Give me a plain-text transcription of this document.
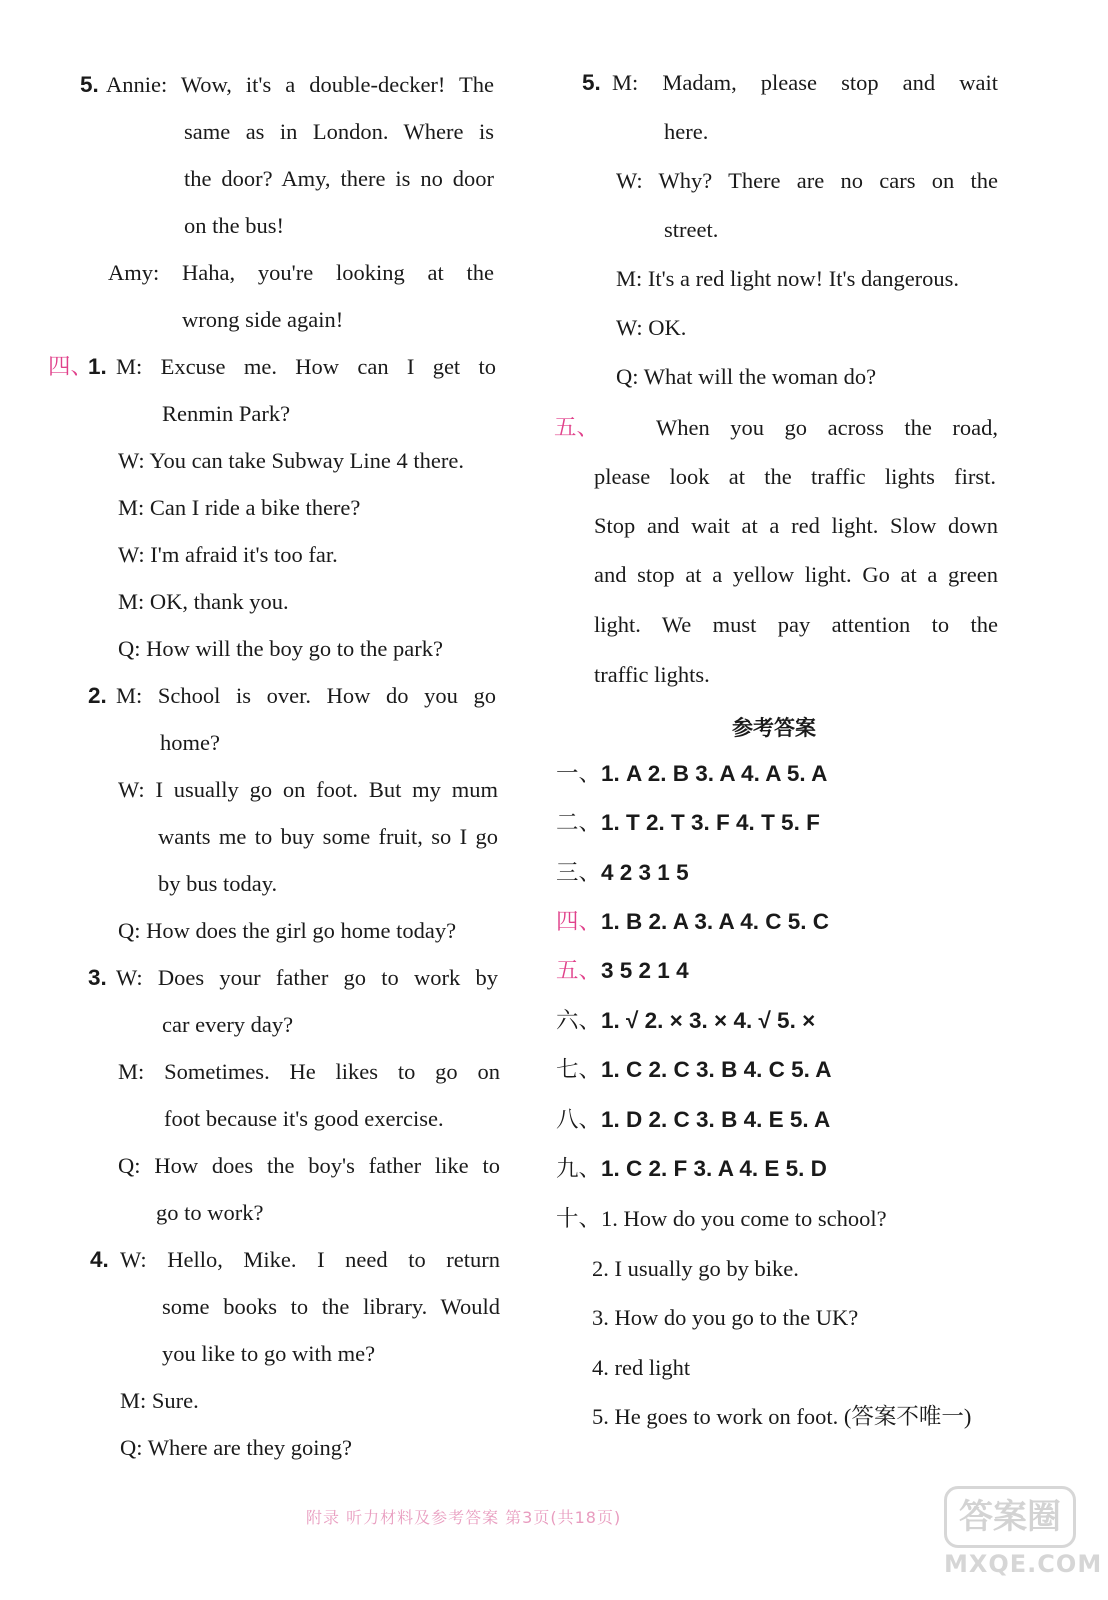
5. Annie: Wow, it's a double-decker! The
same as in London. Where is
the door? Amy, there is no door
on the bus!
Amy: Haha, you're looking at the
wrong side again!
四、
1. M: Excuse me. How can I get to
Renmin Park?
W: You can take Subway Line 4 there.
M: Can I ride a bike there?
W: I'm afraid it's too far.
M: OK, thank you.
Q: How will the boy go to the park?
2. M: School is over. How do you go
home?
W: I usually go on foot. But my mum
wants me to buy some fruit, so I go
by bus today.
Q: How does the girl go home today?
3. W: Does your father go to work by
car every day?
M: Sometimes. He likes to go on
foot because it's good exercise.
Q: How does the boy's father like to
go to work?
4. W: Hello, Mike. I need to return
some books to the library. Would
you like to go with me?
M: Sure.
Q: Where are they going?
5. M: Madam, please stop and wait
here.
W: Why? There are no cars on the
street.
M: It's a red light now! It's dangerous.
W: OK.
Q: What will the woman do?
五、	When you go across the road,
please look at the traffic lights first.
Stop and wait at a red light. Slow down
and stop at a yellow light. Go at a green
light. We must pay attention to the
traffic lights.
参考答案
一、1. A 2. B 3. A 4. A 5. A
二、1. T 2. T 3. F 4. T 5. F
三、4 2 3 1 5
四、1. B 2. A 3. A 4. C 5. C
五、3 5 2 1 4
六、1. √ 2. × 3. × 4. √ 5. ×
七、1. C 2. C 3. B 4. C 5. A
八、1. D 2. C 3. B 4. E 5. A
九、1. C 2. F 3. A 4. E 5. D
十、1. How do you come to school?
2. I usually go by bike.
3. How do you go to the UK?
4. red light
5. He goes to work on foot. (答案不唯一)
附录 听力材料及参考答案 第3页(共18页)	答案圈
MXQE.COM
